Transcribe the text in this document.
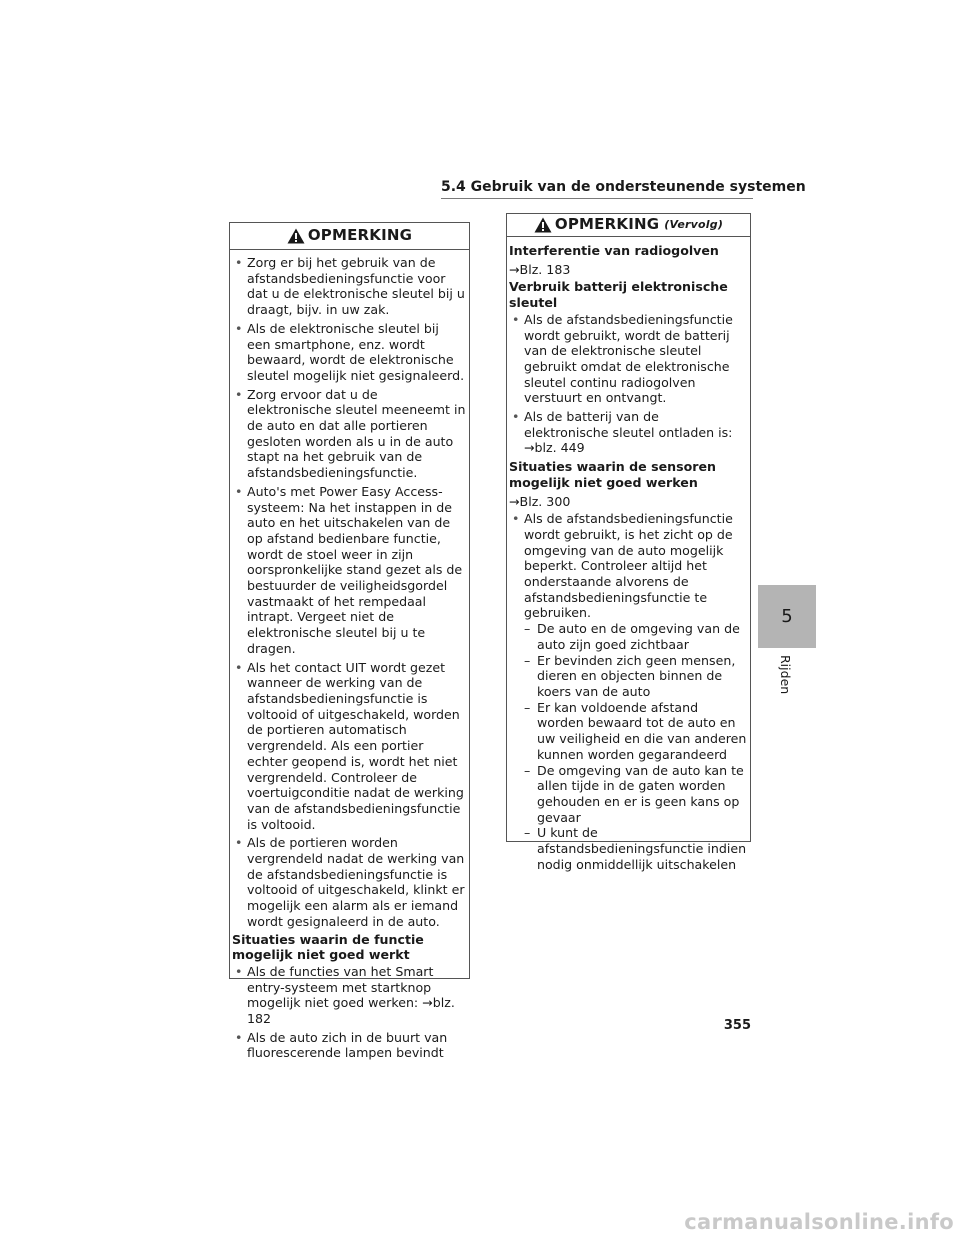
5.4 Gebruik van de ondersteunende systemen
OPMERKING
• Zorg er bij het gebruik van de afstandsbedieningsfunctie voor dat u de elektronische sleutel bij u draagt, bijv. in uw zak.
• Als de elektronische sleutel bij een smartphone, enz. wordt bewaard, wordt de elektronische sleutel mogelijk niet gesignaleerd.
• Zorg ervoor dat u de elektronische sleutel meeneemt in de auto en dat alle portieren gesloten worden als u in de auto stapt na het gebruik van de afstandsbedieningsfunctie.
• Auto's met Power Easy Access-systeem: Na het instappen in de auto en het uitschakelen van de op afstand bedienbare functie, wordt de stoel weer in zijn oorspronkelijke stand gezet als de bestuurder de veiligheidsgordel vastmaakt of het rempedaal intrapt. Vergeet niet de elektronische sleutel bij u te dragen.
• Als het contact UIT wordt gezet wanneer de werking van de afstandsbedieningsfunctie is voltooid of uitgeschakeld, worden de portieren automatisch vergrendeld. Als een portier echter geopend is, wordt het niet vergrendeld. Controleer de voertuigconditie nadat de werking van de afstandsbedieningsfunctie is voltooid.
• Als de portieren worden vergrendeld nadat de werking van de afstandsbedieningsfunctie is voltooid of uitgeschakeld, klinkt er mogelijk een alarm als er iemand wordt gesignaleerd in de auto.
Situaties waarin de functie mogelijk niet goed werkt
• Als de functies van het Smart entry-systeem met startknop mogelijk niet goed werken: →blz. 182
• Als de auto zich in de buurt van fluorescerende lampen bevindt
OPMERKING (Vervolg)
Interferentie van radiogolven
→Blz. 183
Verbruik batterij elektronische sleutel
• Als de afstandsbedieningsfunctie wordt gebruikt, wordt de batterij van de elektronische sleutel gebruikt omdat de elektronische sleutel continu radiogolven verstuurt en ontvangt.
• Als de batterij van de elektronische sleutel ontladen is: →blz. 449
Situaties waarin de sensoren mogelijk niet goed werken
→Blz. 300
• Als de afstandsbedieningsfunctie wordt gebruikt, is het zicht op de omgeving van de auto mogelijk beperkt. Controleer altijd het onderstaande alvorens de afstandsbedieningsfunctie te gebruiken.
– De auto en de omgeving van de auto zijn goed zichtbaar
– Er bevinden zich geen mensen, dieren en objecten binnen de koers van de auto
– Er kan voldoende afstand worden bewaard tot de auto en uw veiligheid en die van anderen kunnen worden gegarandeerd
– De omgeving van de auto kan te allen tijde in de gaten worden gehouden en er is geen kans op gevaar
– U kunt de afstandsbedieningsfunctie indien nodig onmiddellijk uitschakelen
5
Rijden
355
carmanualsonline.info
